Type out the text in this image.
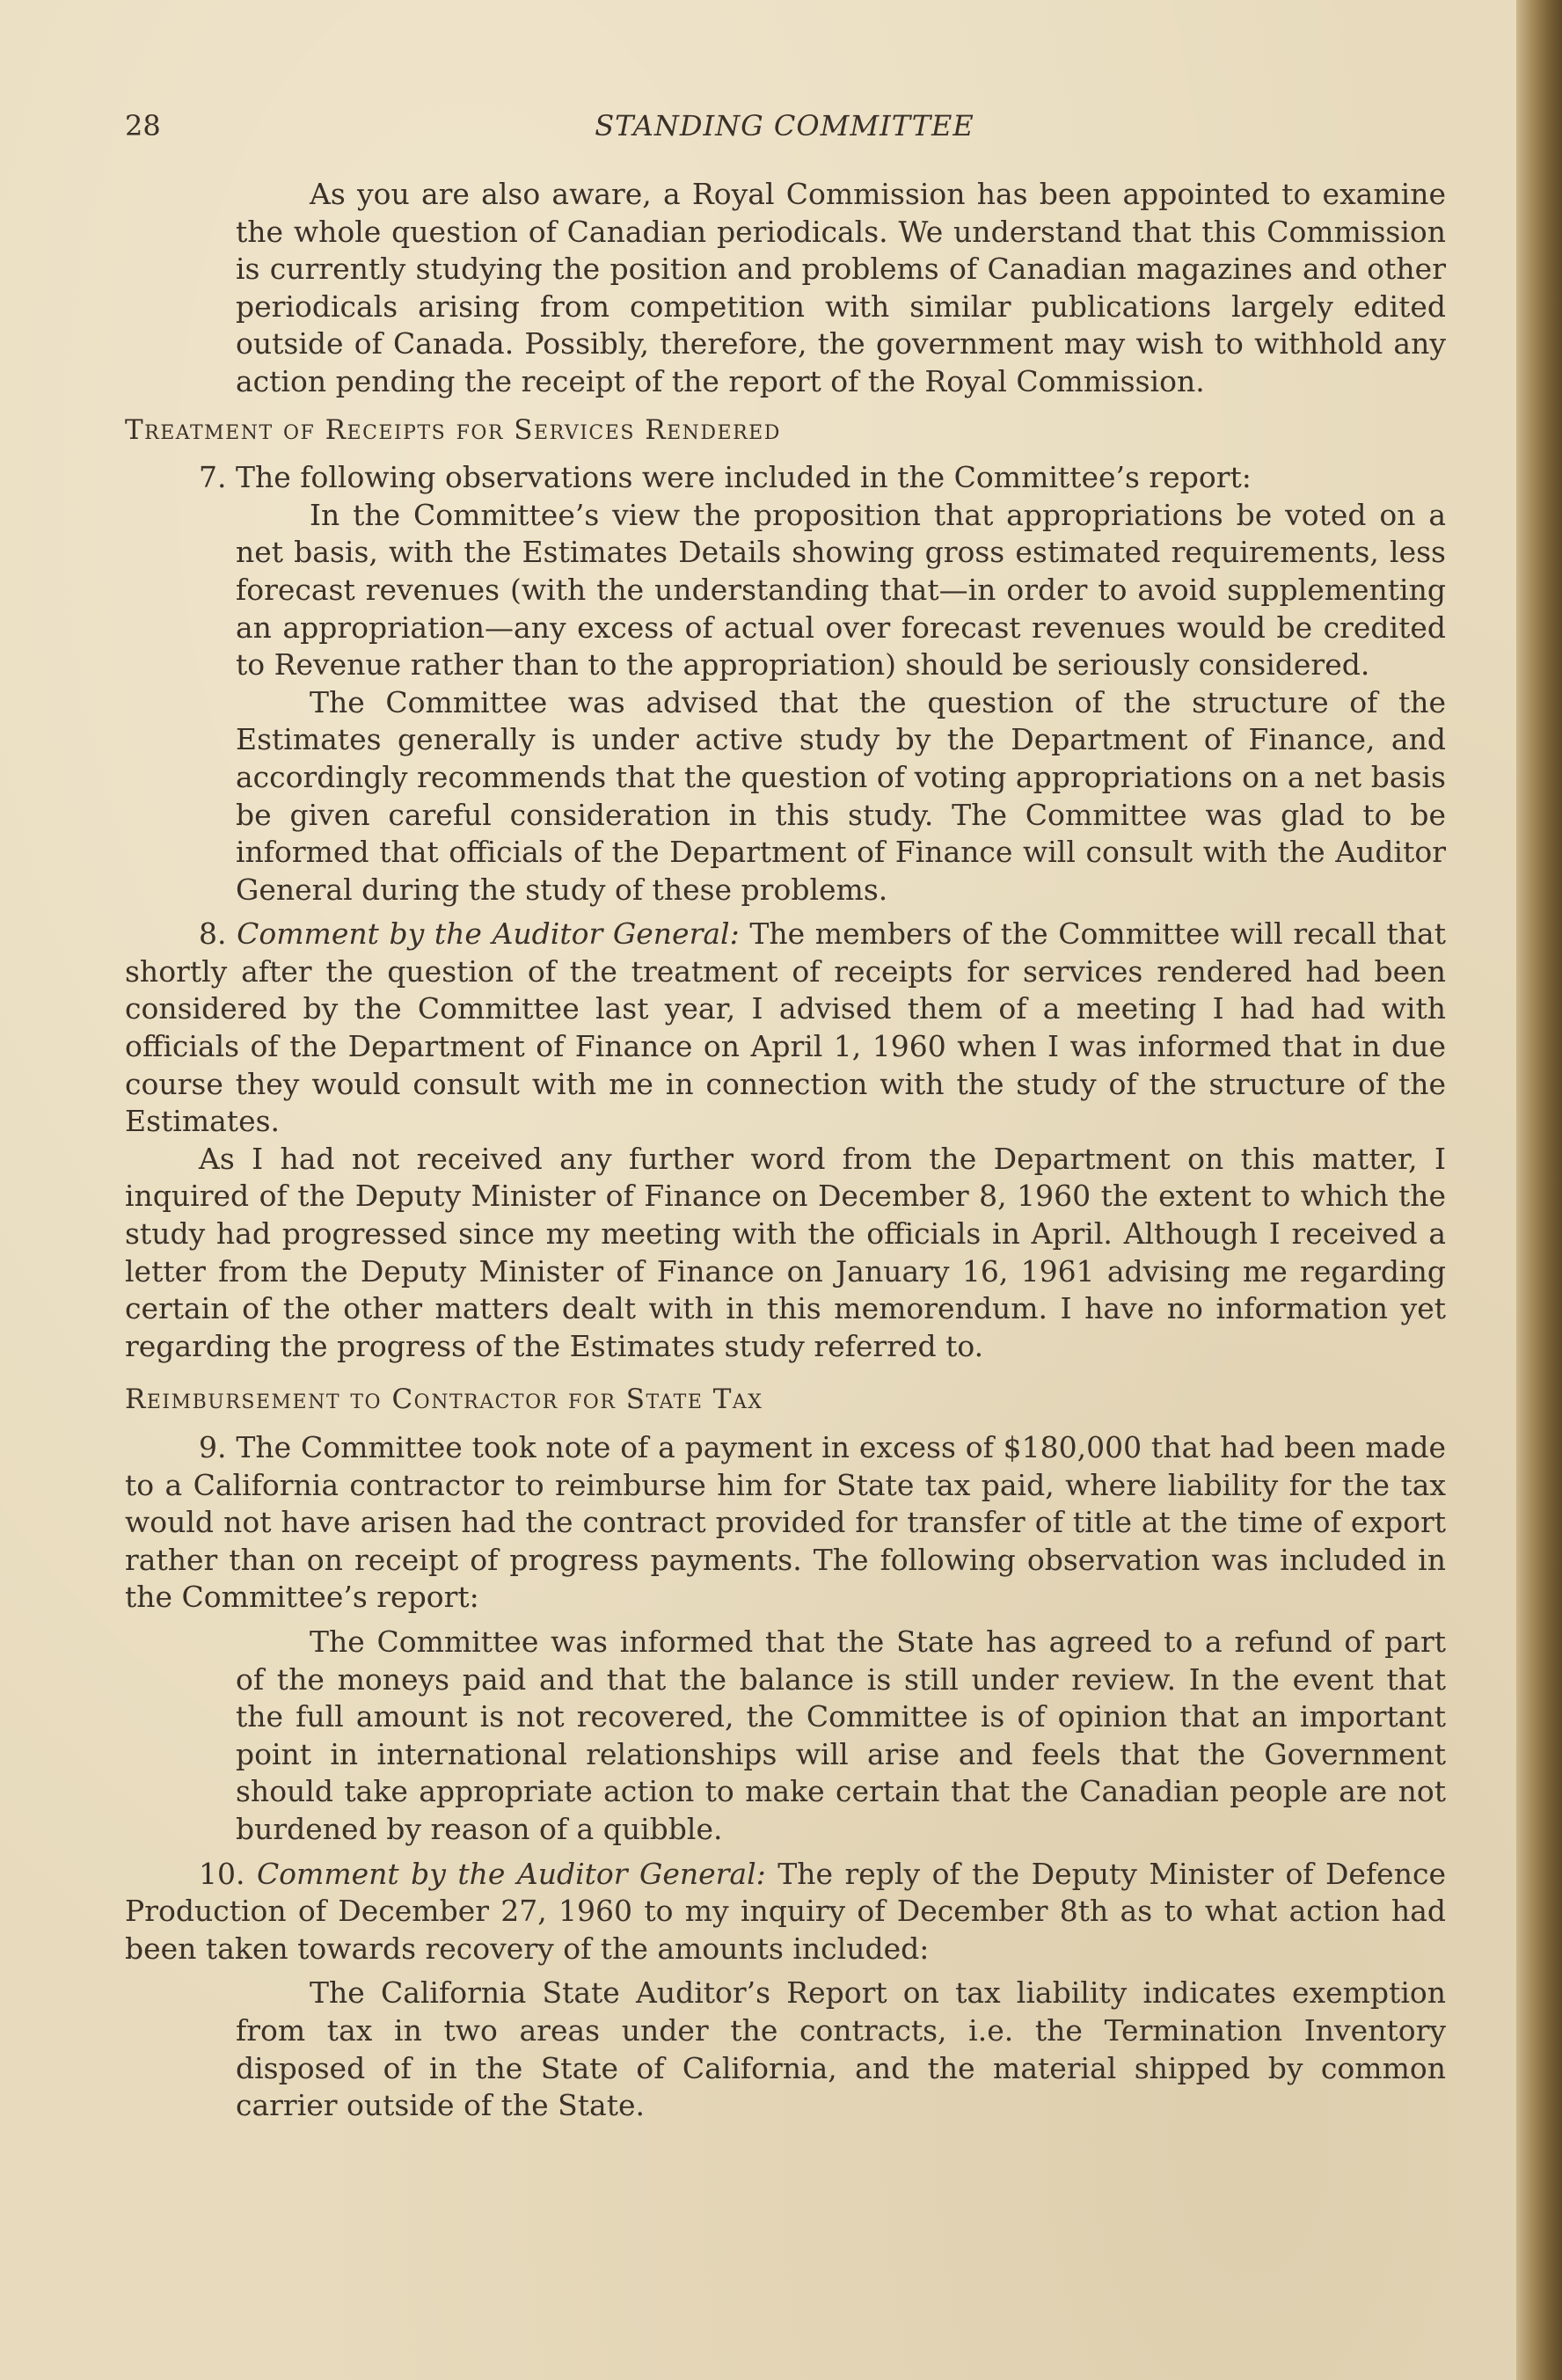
28	STANDING COMMITTEE

As you are also aware, a Royal Commission has been appointed to examine the whole question of Canadian periodicals. We understand that this Commission is currently studying the position and problems of Canadian magazines and other periodicals arising from competition with similar publications largely edited outside of Canada. Possibly, therefore, the government may wish to withhold any action pending the receipt of the report of the Royal Commission.

Treatment of Receipts for Services Rendered

7. The following observations were included in the Committee’s report:

In the Committee’s view the proposition that appropriations be voted on a net basis, with the Estimates Details showing gross estimated requirements, less forecast revenues (with the understanding that—in order to avoid supplementing an appropriation—any excess of actual over forecast revenues would be credited to Revenue rather than to the appropriation) should be seriously considered.

The Committee was advised that the question of the structure of the Estimates generally is under active study by the Department of Finance, and accordingly recommends that the question of voting appropriations on a net basis be given careful consideration in this study. The Committee was glad to be informed that officials of the Department of Finance will consult with the Auditor General during the study of these problems.

8. Comment by the Auditor General: The members of the Committee will recall that shortly after the question of the treatment of receipts for services rendered had been considered by the Committee last year, I advised them of a meeting I had had with officials of the Department of Finance on April 1, 1960 when I was informed that in due course they would consult with me in connection with the study of the structure of the Estimates.

As I had not received any further word from the Department on this matter, I inquired of the Deputy Minister of Finance on December 8, 1960 the extent to which the study had progressed since my meeting with the officials in April. Although I received a letter from the Deputy Minister of Finance on January 16, 1961 advising me regarding certain of the other matters dealt with in this memorendum. I have no information yet regarding the progress of the Estimates study referred to.

Reimbursement to Contractor for State Tax

9. The Committee took note of a payment in excess of $180,000 that had been made to a California contractor to reimburse him for State tax paid, where liability for the tax would not have arisen had the contract provided for transfer of title at the time of export rather than on receipt of progress payments. The following observation was included in the Committee’s report:

The Committee was informed that the State has agreed to a refund of part of the moneys paid and that the balance is still under review. In the event that the full amount is not recovered, the Committee is of opinion that an important point in international relationships will arise and feels that the Government should take appropriate action to make certain that the Canadian people are not burdened by reason of a quibble.

10. Comment by the Auditor General: The reply of the Deputy Minister of Defence Production of December 27, 1960 to my inquiry of December 8th as to what action had been taken towards recovery of the amounts included:

The California State Auditor’s Report on tax liability indicates exemption from tax in two areas under the contracts, i.e. the Termination Inventory disposed of in the State of California, and the material shipped by common carrier outside of the State.
